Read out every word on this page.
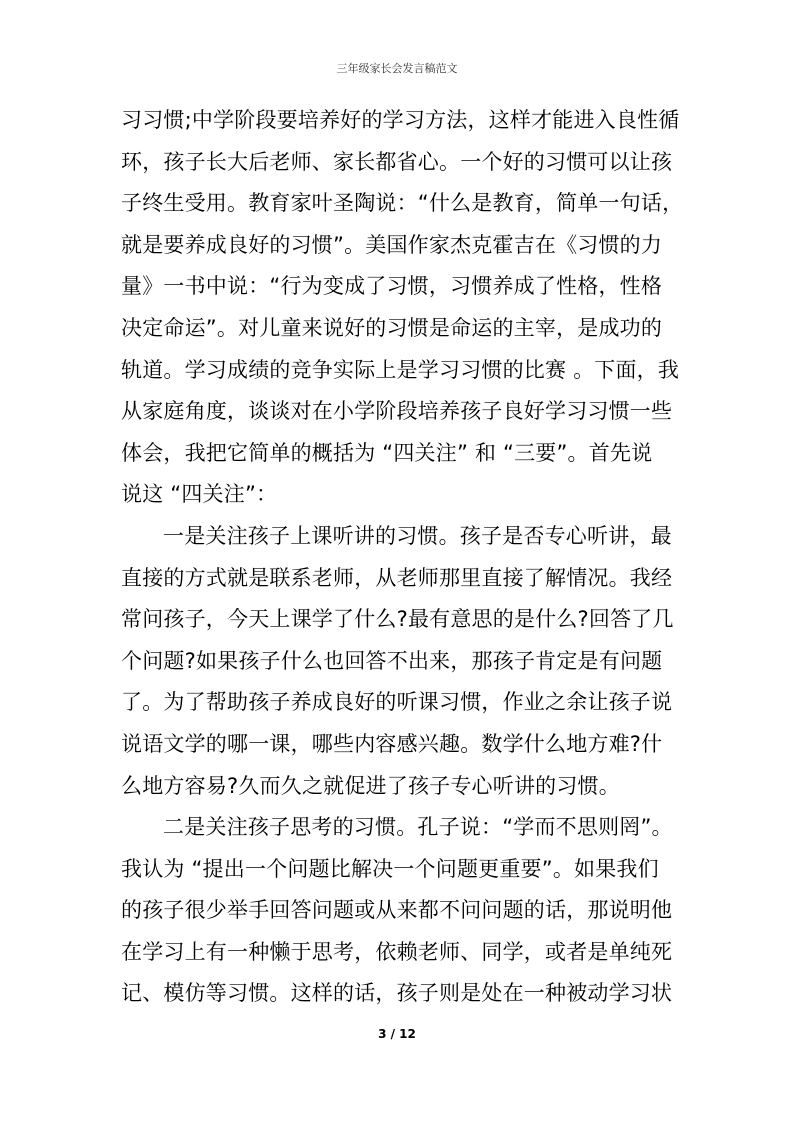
三年级家长会发言稿范文
习习惯;中学阶段要培养好的学习方法，这样才能进入良性循
环，孩子长大后老师、家长都省心。一个好的习惯可以让孩
子终生受用。教育家叶圣陶说：“什么是教育，简单一句话，
就是要养成良好的习惯”。美国作家杰克霍吉在《习惯的力
量》一书中说：“行为变成了习惯，习惯养成了性格，性格
决定命运”。对儿童来说好的习惯是命运的主宰，是成功的
轨道。学习成绩的竞争实际上是学习习惯的比赛 。下面，我
从家庭角度，谈谈对在小学阶段培养孩子良好学习习惯一些
体会，我把它简单的概括为 “四关注” 和 “三要”。首先说
说这 “四关注”：
一是关注孩子上课听讲的习惯。孩子是否专心听讲，最
直接的方式就是联系老师，从老师那里直接了解情况。我经
常问孩子，今天上课学了什么?最有意思的是什么?回答了几
个问题?如果孩子什么也回答不出来，那孩子肯定是有问题
了。为了帮助孩子养成良好的听课习惯，作业之余让孩子说
说语文学的哪一课，哪些内容感兴趣。数学什么地方难?什
么地方容易?久而久之就促进了孩子专心听讲的习惯。
二是关注孩子思考的习惯。孔子说：“学而不思则罔”。
我认为 “提出一个问题比解决一个问题更重要”。如果我们
的孩子很少举手回答问题或从来都不问问题的话，那说明他
在学习上有一种懒于思考，依赖老师、同学，或者是单纯死
记、模仿等习惯。这样的话，孩子则是处在一种被动学习状
3 / 12
